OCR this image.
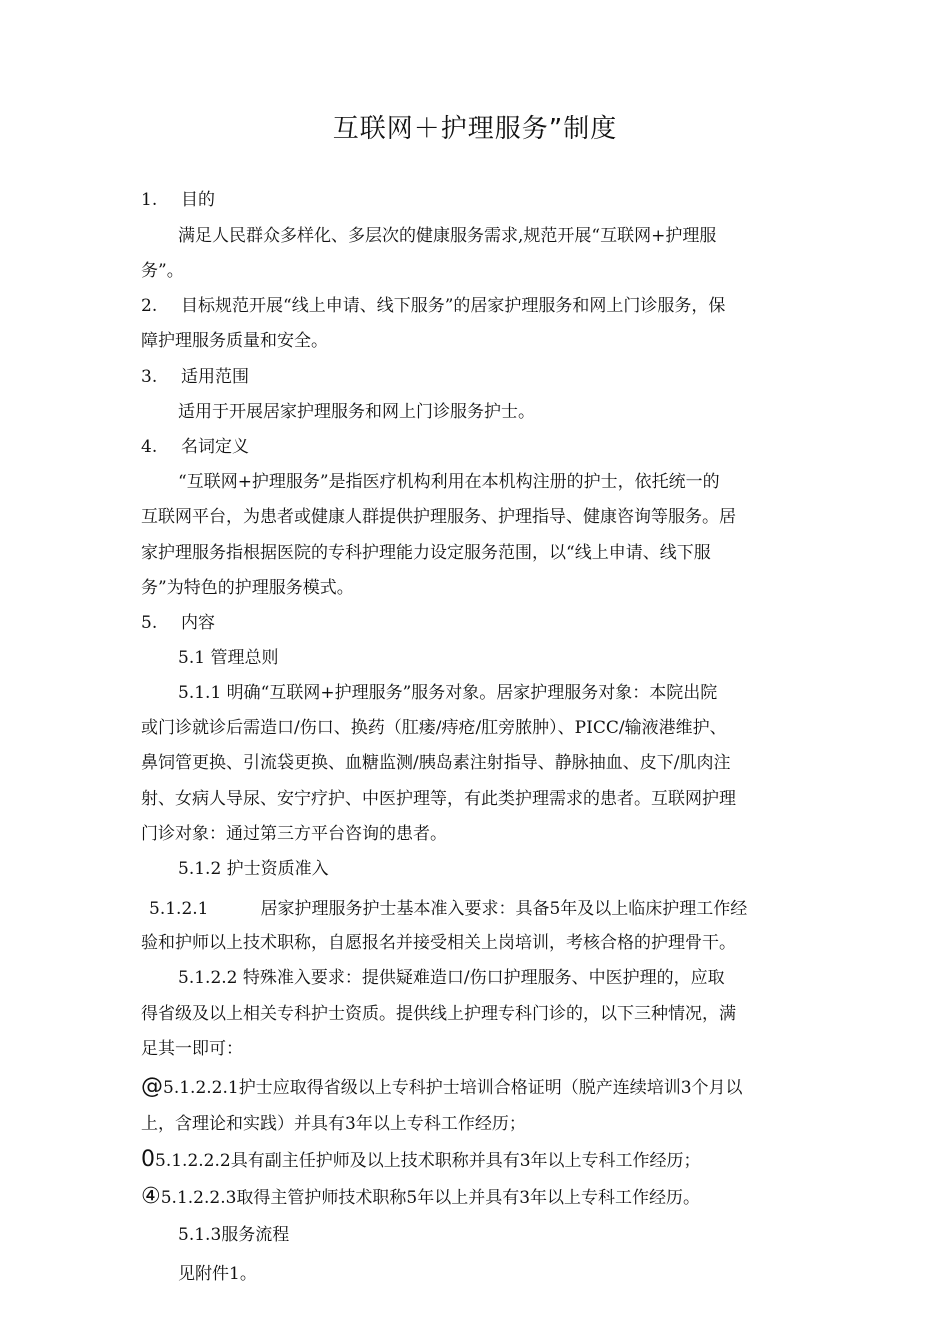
互联网＋护理服务”制度
1. 目的
满足人民群众多样化、多层次的健康服务需求,规范开展“互联网+护理服
务”。
2. 目标规范开展“线上申请、线下服务”的居家护理服务和网上门诊服务，保
障护理服务质量和安全。
3. 适用范围
适用于开展居家护理服务和网上门诊服务护士。
4. 名词定义
“互联网+护理服务”是指医疗机构利用在本机构注册的护士，依托统一的
互联网平台，为患者或健康人群提供护理服务、护理指导、健康咨询等服务。居
家护理服务指根据医院的专科护理能力设定服务范围，以“线上申请、线下服
务”为特色的护理服务模式。
5. 内容
5.1 管理总则
5.1.1 明确“互联网+护理服务”服务对象。居家护理服务对象：本院出院
或门诊就诊后需造口/伤口、换药（肛瘘/痔疮/肛旁脓肿）、PICC/输液港维护、
鼻饲管更换、引流袋更换、血糖监测/胰岛素注射指导、静脉抽血、皮下/肌肉注
射、女病人导尿、安宁疗护、中医护理等，有此类护理需求的患者。互联网护理
门诊对象：通过第三方平台咨询的患者。
5.1.2 护士资质准入
5.1.2.1	居家护理服务护士基本准入要求：具备5年及以上临床护理工作经
验和护师以上技术职称，自愿报名并接受相关上岗培训，考核合格的护理骨干。
5.1.2.2 特殊准入要求：提供疑难造口/伤口护理服务、中医护理的，应取
得省级及以上相关专科护士资质。提供线上护理专科门诊的，以下三种情况，满
足其一即可：
@5.1.2.2.1护士应取得省级以上专科护士培训合格证明（脱产连续培训3个月以
上，含理论和实践）并具有3年以上专科工作经历；
05.1.2.2.2具有副主任护师及以上技术职称并具有3年以上专科工作经历；
④5.1.2.2.3取得主管护师技术职称5年以上并具有3年以上专科工作经历。
5.1.3服务流程
见附件1。
